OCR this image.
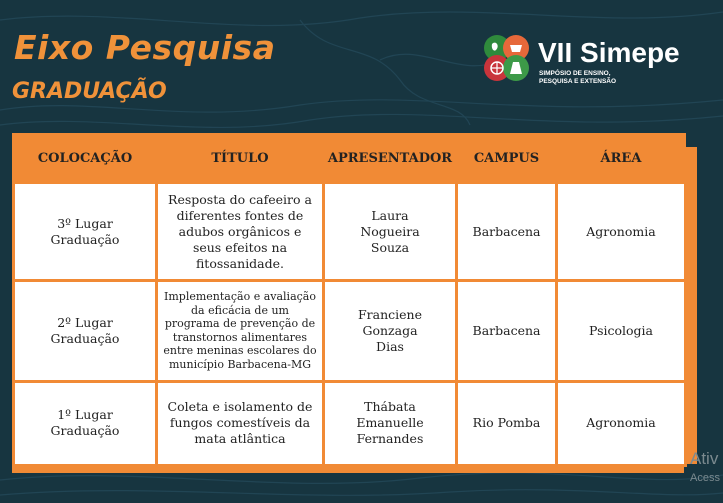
Eixo Pesquisa
GRADUAÇÃO
VII Simepe
SIMPÓSIO DE ENSINO,
PESQUISA E EXTENSÃO
COLOCAÇÃO	TÍTULO	APRESENTADOR	CAMPUS	ÁREA
3º Lugar Graduação	Resposta do cafeeiro a diferentes fontes de adubos orgânicos e seus efeitos na fitossanidade.	Laura Nogueira Souza	Barbacena	Agronomia
2º Lugar Graduação	Implementação e avaliação da eficácia de um programa de prevenção de transtornos alimentares entre meninas escolares do município Barbacena-MG	Franciene Gonzaga Dias	Barbacena	Psicologia
1º Lugar Graduação	Coleta e isolamento de fungos comestíveis da mata atlântica	Thábata Emanuelle Fernandes	Rio Pomba	Agronomia
Ativ
Acess
